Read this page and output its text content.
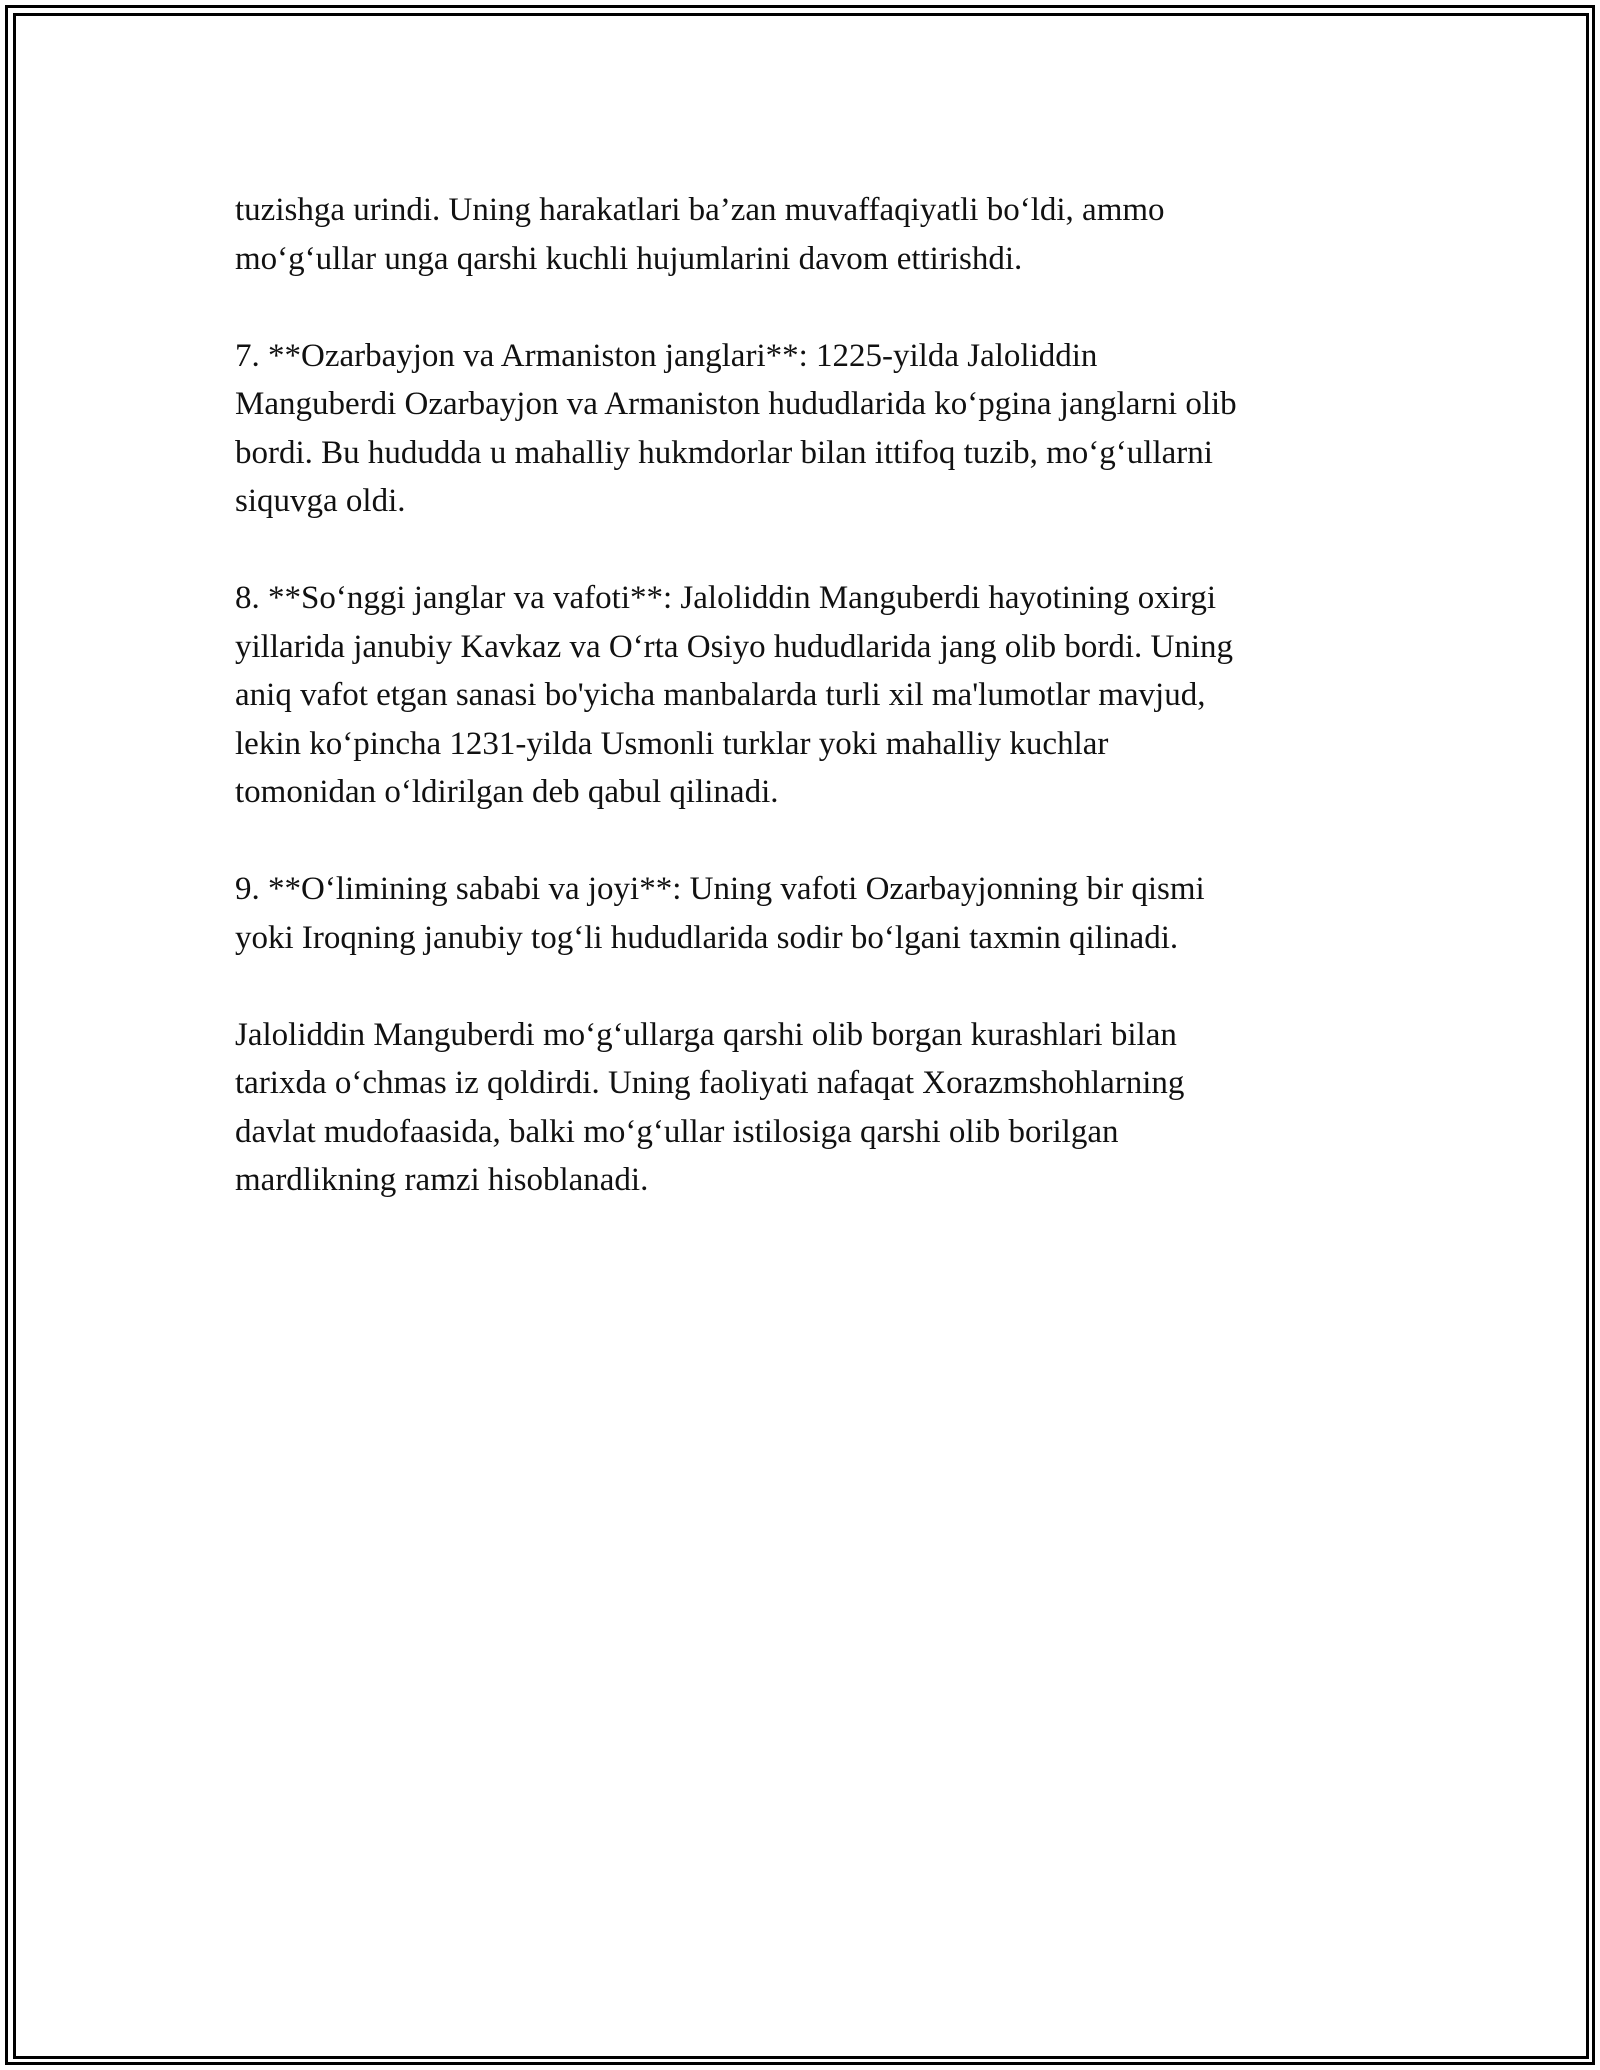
tuzishga urindi. Uning harakatlari ba’zan muvaffaqiyatli bo‘ldi, ammo
mo‘g‘ullar unga qarshi kuchli hujumlarini davom ettirishdi.

7. **Ozarbayjon va Armaniston janglari**: 1225-yilda Jaloliddin
Manguberdi Ozarbayjon va Armaniston hududlarida ko‘pgina janglarni olib
bordi. Bu hududda u mahalliy hukmdorlar bilan ittifoq tuzib, mo‘g‘ullarni
siquvga oldi.

8. **So‘nggi janglar va vafoti**: Jaloliddin Manguberdi hayotining oxirgi
yillarida janubiy Kavkaz va O‘rta Osiyo hududlarida jang olib bordi. Uning
aniq vafot etgan sanasi bo'yicha manbalarda turli xil ma'lumotlar mavjud,
lekin ko‘pincha 1231-yilda Usmonli turklar yoki mahalliy kuchlar
tomonidan o‘ldirilgan deb qabul qilinadi.

9. **O‘limining sababi va joyi**: Uning vafoti Ozarbayjonning bir qismi
yoki Iroqning janubiy tog‘li hududlarida sodir bo‘lgani taxmin qilinadi.

Jaloliddin Manguberdi mo‘g‘ullarga qarshi olib borgan kurashlari bilan
tarixda o‘chmas iz qoldirdi. Uning faoliyati nafaqat Xorazmshohlarning
davlat mudofaasida, balki mo‘g‘ullar istilosiga qarshi olib borilgan
mardlikning ramzi hisoblanadi.
